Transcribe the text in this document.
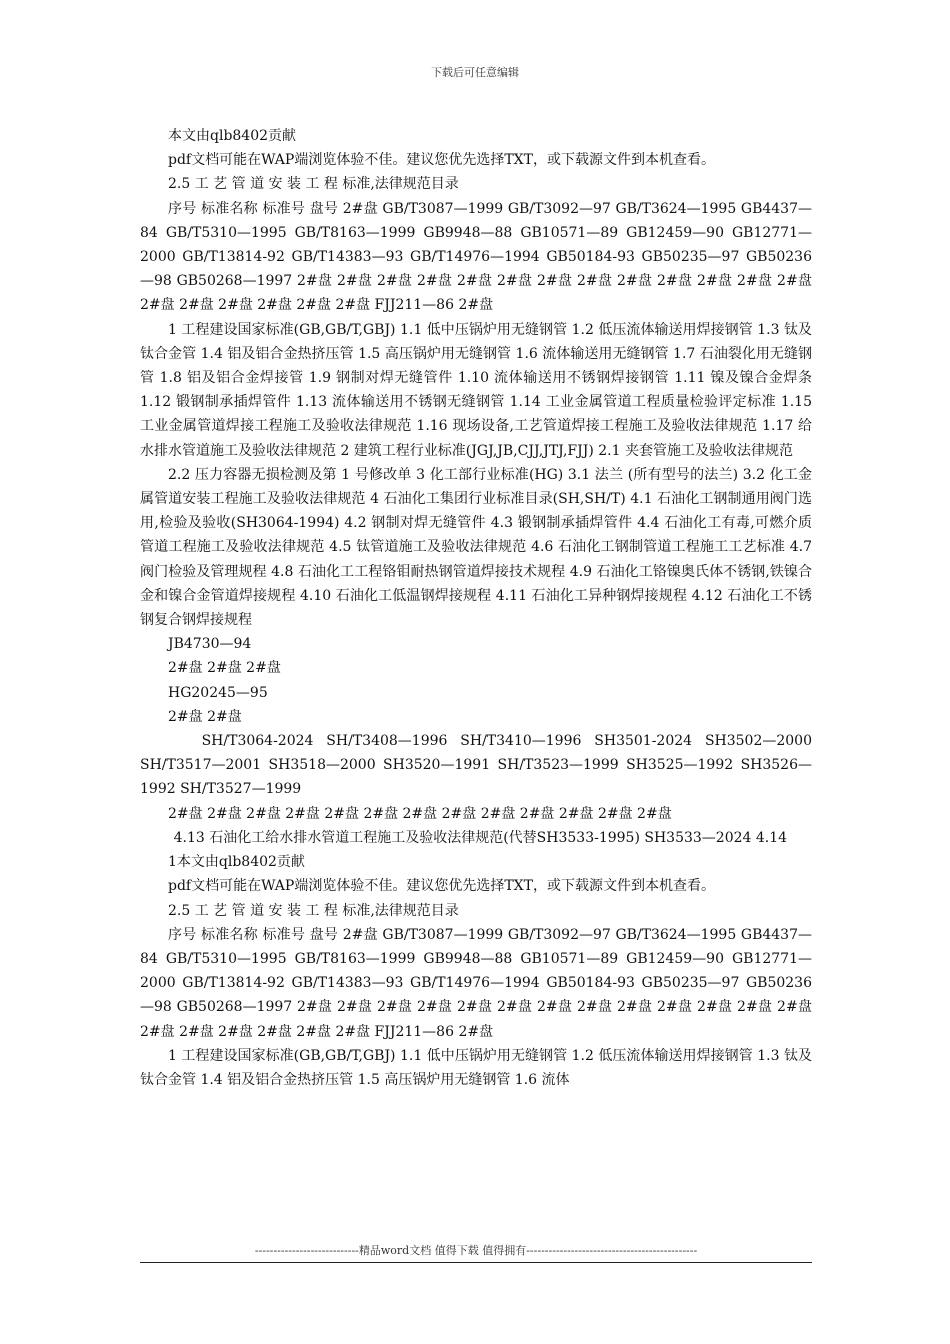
下载后可任意编辑

本文由qlb8402贡献

pdf文档可能在WAP端浏览体验不佳。建议您优先选择TXT，或下载源文件到本机查看。

2.5 工 艺 管 道 安 装 工 程 标准,法律规范目录

序号 标准名称 标准号 盘号 2#盘 GB/T3087—1999 GB/T3092—97 GB/T3624—1995 GB4437—84 GB/T5310—1995 GB/T8163—1999 GB9948—88 GB10571—89 GB12459—90 GB12771—2000 GB/T13814-92 GB/T14383—93 GB/T14976—1994 GB50184-93 GB50235—97 GB50236—98 GB50268—1997 2#盘 2#盘 2#盘 2#盘 2#盘 2#盘 2#盘 2#盘 2#盘 2#盘 2#盘 2#盘 2#盘 2#盘 2#盘 2#盘 2#盘 2#盘 2#盘 FJJ211—86 2#盘

1 工程建设国家标准(GB,GB/T,GBJ) 1.1 低中压锅炉用无缝钢管 1.2 低压流体输送用焊接钢管 1.3 钛及钛合金管 1.4 铝及铝合金热挤压管 1.5 高压锅炉用无缝钢管 1.6 流体输送用无缝钢管 1.7 石油裂化用无缝钢管 1.8 铝及铝合金焊接管 1.9 钢制对焊无缝管件 1.10 流体输送用不锈钢焊接钢管 1.11 镍及镍合金焊条 1.12 锻钢制承插焊管件 1.13 流体输送用不锈钢无缝钢管 1.14 工业金属管道工程质量检验评定标准 1.15 工业金属管道焊接工程施工及验收法律规范 1.16 现场设备,工艺管道焊接工程施工及验收法律规范 1.17 给水排水管道施工及验收法律规范 2 建筑工程行业标准(JGJ,JB,CJJ,JTJ,FJJ) 2.1 夹套管施工及验收法律规范

2.2 压力容器无损检测及第 1 号修改单 3 化工部行业标准(HG) 3.1 法兰 (所有型号的法兰) 3.2 化工金属管道安装工程施工及验收法律规范 4 石油化工集团行业标准目录(SH,SH/T) 4.1 石油化工钢制通用阀门选用,检验及验收(SH3064-1994) 4.2 钢制对焊无缝管件 4.3 锻钢制承插焊管件 4.4 石油化工有毒,可燃介质管道工程施工及验收法律规范 4.5 钛管道施工及验收法律规范 4.6 石油化工钢制管道工程施工工艺标准 4.7 阀门检验及管理规程 4.8 石油化工工程铬钼耐热钢管道焊接技术规程 4.9 石油化工铬镍奥氏体不锈钢,铁镍合金和镍合金管道焊接规程 4.10 石油化工低温钢焊接规程 4.11 石油化工异种钢焊接规程 4.12 石油化工不锈钢复合钢焊接规程

JB4730—94

2#盘 2#盘 2#盘

HG20245—95

2#盘 2#盘

SH/T3064-2024 SH/T3408—1996 SH/T3410—1996 SH3501-2024 SH3502—2000 SH/T3517—2001 SH3518—2000 SH3520—1991 SH/T3523—1999 SH3525—1992 SH3526—1992 SH/T3527—1999

2#盘 2#盘 2#盘 2#盘 2#盘 2#盘 2#盘 2#盘 2#盘 2#盘 2#盘 2#盘 2#盘

4.13 石油化工给水排水管道工程施工及验收法律规范(代替SH3533-1995) SH3533—2024 4.14

1本文由qlb8402贡献

pdf文档可能在WAP端浏览体验不佳。建议您优先选择TXT，或下载源文件到本机查看。

2.5 工 艺 管 道 安 装 工 程 标准,法律规范目录

序号 标准名称 标准号 盘号 2#盘 GB/T3087—1999 GB/T3092—97 GB/T3624—1995 GB4437—84 GB/T5310—1995 GB/T8163—1999 GB9948—88 GB10571—89 GB12459—90 GB12771—2000 GB/T13814-92 GB/T14383—93 GB/T14976—1994 GB50184-93 GB50235—97 GB50236—98 GB50268—1997 2#盘 2#盘 2#盘 2#盘 2#盘 2#盘 2#盘 2#盘 2#盘 2#盘 2#盘 2#盘 2#盘 2#盘 2#盘 2#盘 2#盘 2#盘 2#盘 FJJ211—86 2#盘

1 工程建设国家标准(GB,GB/T,GBJ) 1.1 低中压锅炉用无缝钢管 1.2 低压流体输送用焊接钢管 1.3 钛及钛合金管 1.4 铝及铝合金热挤压管 1.5 高压锅炉用无缝钢管 1.6 流体

----------------------------精品word文档 值得下载 值得拥有----------------------------------------------
